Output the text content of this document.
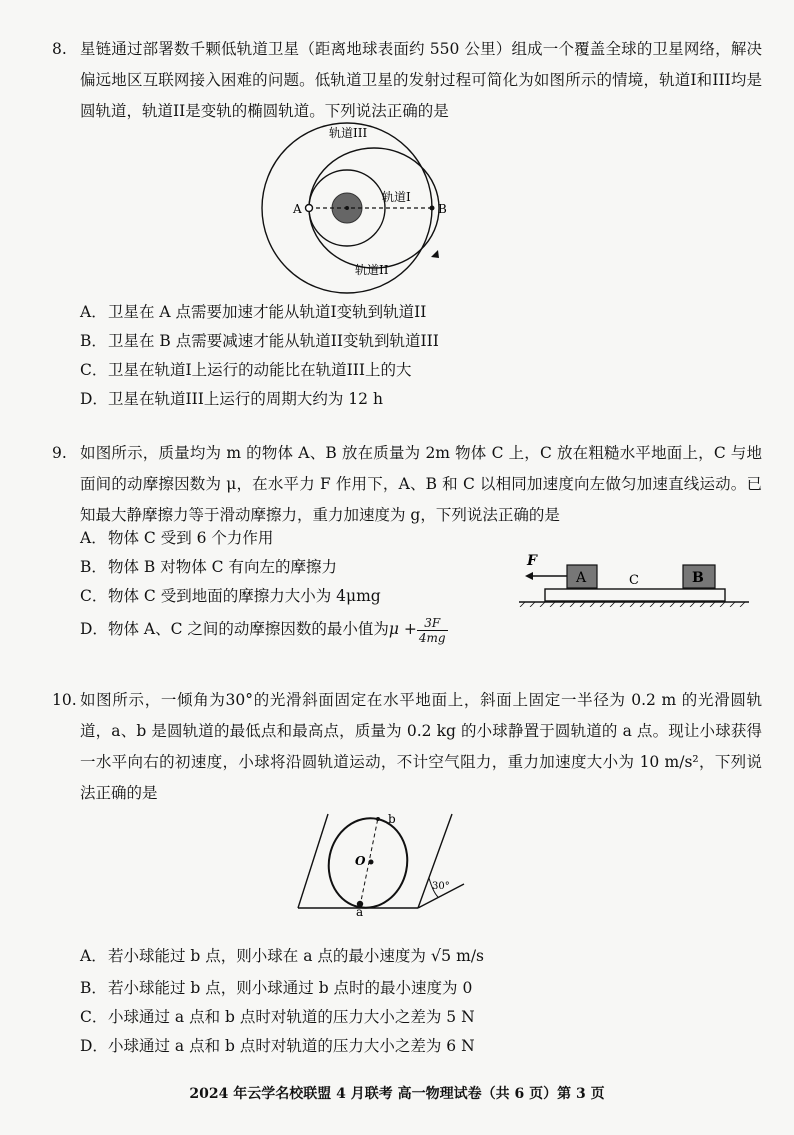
8. 星链通过部署数千颗低轨道卫星（距离地球表面约 550 公里）组成一个覆盖全球的卫星网络，解决偏远地区互联网接入困难的问题。低轨道卫星的发射过程可简化为如图所示的情境，轨道I和III均是圆轨道，轨道II是变轨的椭圆轨道。下列说法正确的是
轨道III
轨道Ⅰ
轨道II
A	B
A．卫星在 A 点需要加速才能从轨道I变轨到轨道II
B．卫星在 B 点需要减速才能从轨道II变轨到轨道III
C．卫星在轨道I上运行的动能比在轨道III上的大
D．卫星在轨道III上运行的周期大约为 12 h
9. 如图所示，质量均为 m 的物体 A、B 放在质量为 2m 物体 C 上，C 放在粗糙水平地面上，C 与地面间的动摩擦因数为 μ，在水平力 F 作用下，A、B 和 C 以相同加速度向左做匀加速直线运动。已知最大静摩擦力等于滑动摩擦力，重力加速度为 g，下列说法正确的是
A．物体 C 受到 6 个力作用
B．物体 B 对物体 C 有向左的摩擦力
C．物体 C 受到地面的摩擦力大小为 4μmg
D．物体 A、C 之间的动摩擦因数的最小值为$\mu + \frac{3F}{4mg}$
F
A	C	B
10. 如图所示，一倾角为30°的光滑斜面固定在水平地面上，斜面上固定一半径为 0.2 m 的光滑圆轨道，a、b 是圆轨道的最低点和最高点，质量为 0.2 kg 的小球静置于圆轨道的 a 点。现让小球获得一水平向右的初速度，小球将沿圆轨道运动，不计空气阻力，重力加速度大小为 10 m/s²，下列说法正确的是
b
O
a
30°
A．若小球能过 b 点，则小球在 a 点的最小速度为 √5 m/s
B．若小球能过 b 点，则小球通过 b 点时的最小速度为 0
C．小球通过 a 点和 b 点时对轨道的压力大小之差为 5 N
D．小球通过 a 点和 b 点时对轨道的压力大小之差为 6 N
2024 年云学名校联盟 4 月联考 高一物理试卷（共 6 页）第 3 页
